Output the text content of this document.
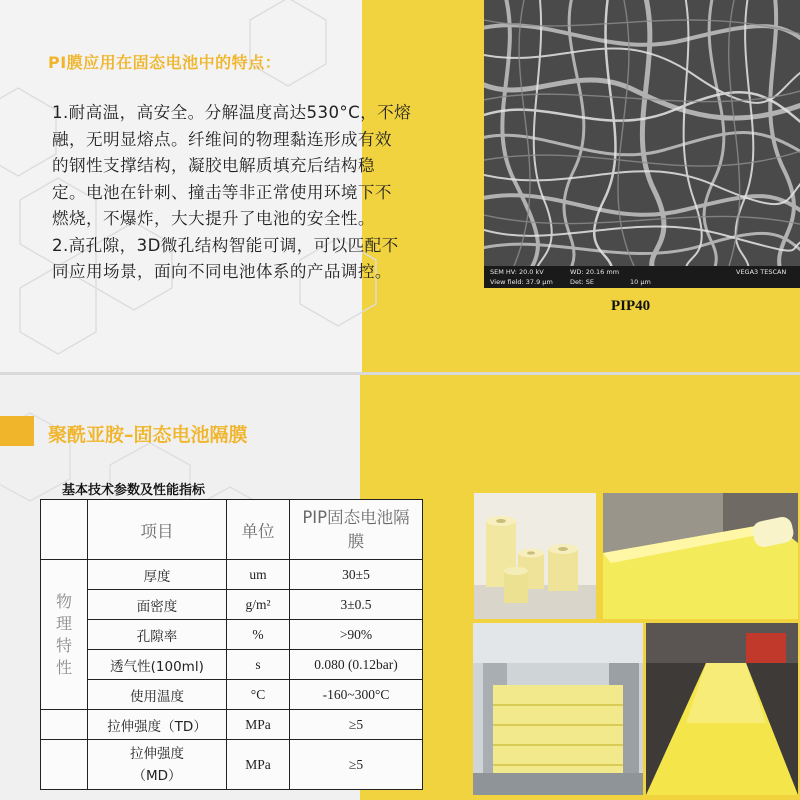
PI膜应用在固态电池中的特点：

1.耐高温，高安全。分解温度高达530°C，不熔

融，无明显熔点。纤维间的物理黏连形成有效

的钢性支撑结构，凝胶电解质填充后结构稳

定。电池在针刺、撞击等非正常使用环境下不

燃烧，不爆炸，大大提升了电池的安全性。

2.高孔隙，3D微孔结构智能可调，可以匹配不

同应用场景，面向不同电池体系的产品调控。	SEM HV: 20.0 kV	WD: 20.16 mm	VEGA3 TESCAN
View field: 37.9 μm	Det: SE	10 μm
PIP40
聚酰亚胺–固态电池隔膜
基本技术参数及性能指标
	项目	单位	PIP固态电池隔膜
物理特性	厚度	um	30±5
	面密度	g/m²	3±0.5
	孔隙率	%	>90%
	透气性(100ml)	s	0.080 (0.12bar)
	使用温度	°C	-160~300°C
	拉伸强度（TD）	MPa	≥5
	拉伸强度（MD）	MPa	≥5
